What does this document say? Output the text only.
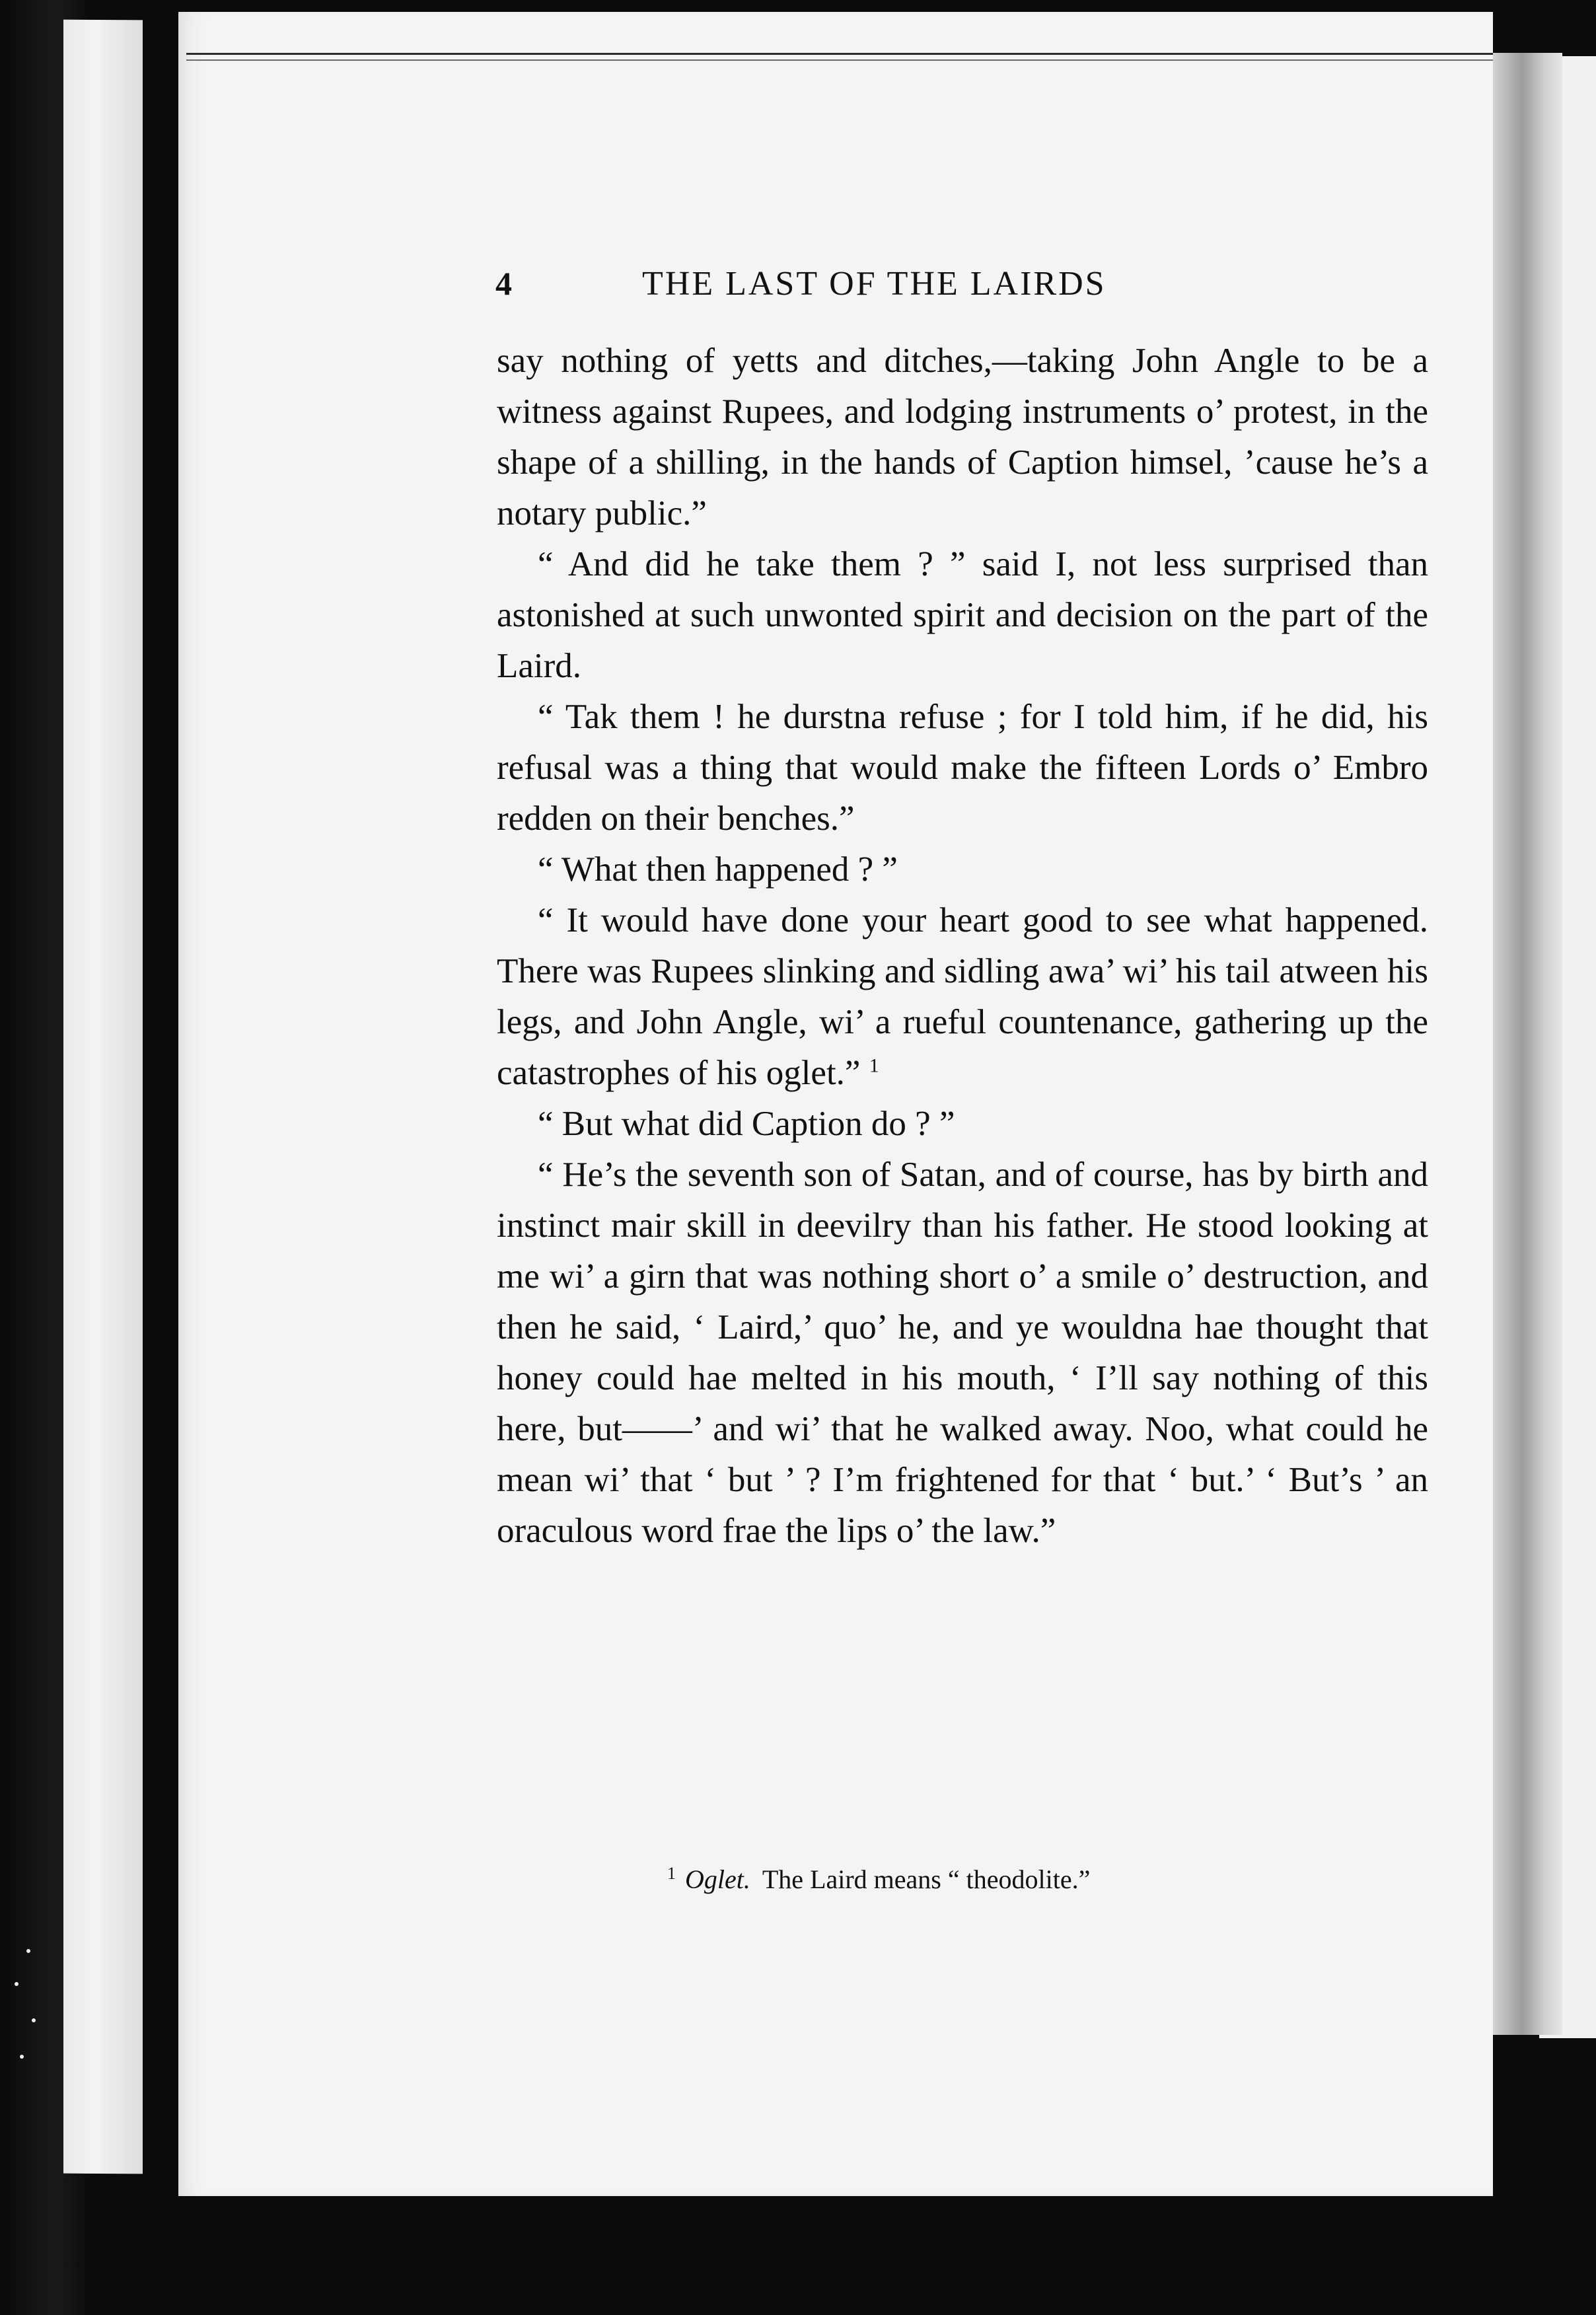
4	THE LAST OF THE LAIRDS

say nothing of yetts and ditches,—taking John Angle to be a witness against Rupees, and lodging instruments o’ protest, in the shape of a shilling, in the hands of Caption himsel, ’cause he’s a notary public.”

“ And did he take them ? ” said I, not less surprised than astonished at such unwonted spirit and decision on the part of the Laird.

“ Tak them ! he durstna refuse ; for I told him, if he did, his refusal was a thing that would make the fifteen Lords o’ Embro redden on their benches.”

“ What then happened ? ”

“ It would have done your heart good to see what happened. There was Rupees slinking and sidling awa’ wi’ his tail atween his legs, and John Angle, wi’ a rueful countenance, gathering up the catastrophes of his oglet.” $^1$

“ But what did Caption do ? ”

“ He’s the seventh son of Satan, and of course, has by birth and instinct mair skill in deevilry than his father. He stood looking at me wi’ a girn that was nothing short o’ a smile o’ destruction, and then he said, ‘ Laird,’ quo’ he, and ye wouldna hae thought that honey could hae melted in his mouth, ‘ I’ll say nothing of this here, but——’ and wi’ that he walked away. Noo, what could he mean wi’ that ‘ but ’ ? I’m frightened for that ‘ but.’ ‘ But’s ’ an oraculous word frae the lips o’ the law.”

$^1$ Oglet. The Laird means “ theodolite.”
